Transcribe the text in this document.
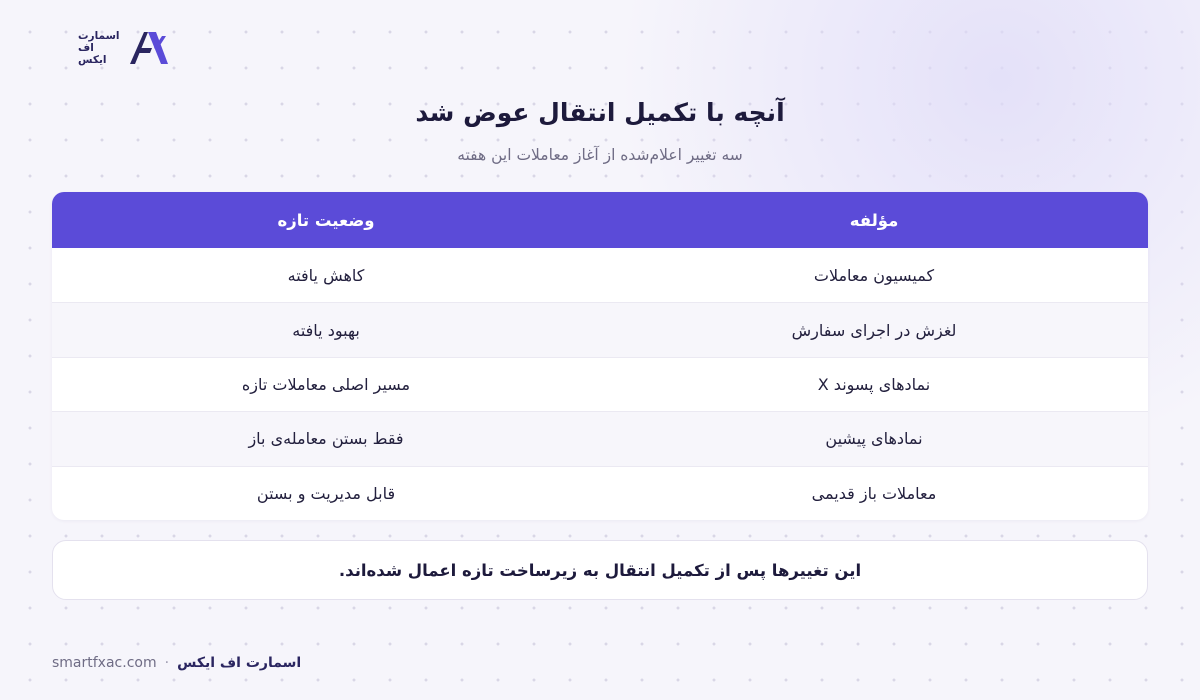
اسمارت
اف
ایکس
آنچه با تکمیل انتقال عوض شد
سه تغییر اعلام‌شده از آغاز معاملات این هفته
مؤلفه
وضعیت تازه
کمیسیون معاملات
کاهش یافته
لغزش در اجرای سفارش
بهبود یافته
نمادهای پسوند X
مسیر اصلی معاملات تازه
نمادهای پیشین
فقط بستن معامله‌ی باز
معاملات باز قدیمی
قابل مدیریت و بستن
این تغییرها پس از تکمیل انتقال به زیرساخت تازه اعمال شده‌اند.
smartfxac.com · اسمارت اف ایکس
